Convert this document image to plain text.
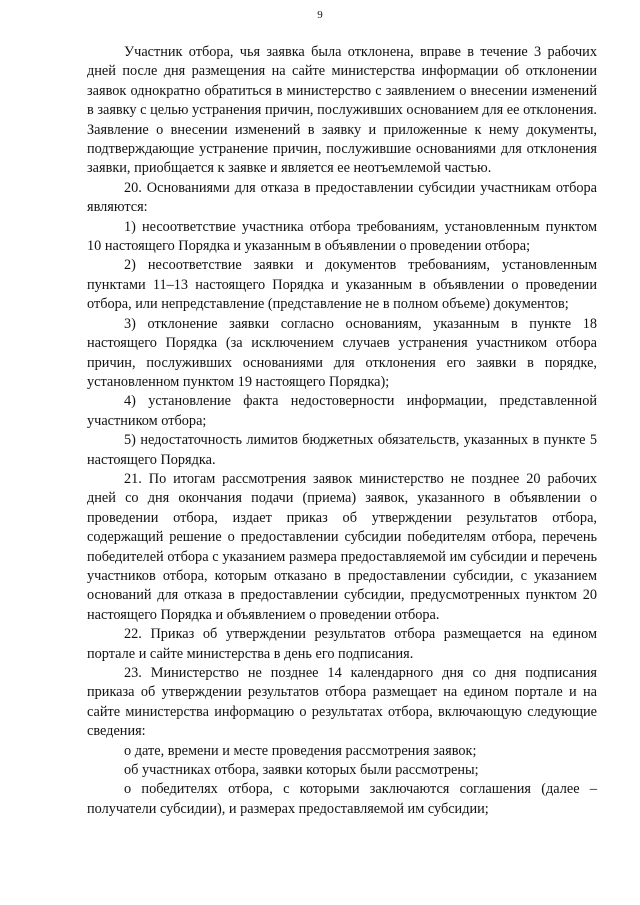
9

Участник отбора, чья заявка была отклонена, вправе в течение 3 рабочих дней после дня размещения на сайте министерства информации об отклонении заявок однократно обратиться в министерство с заявлением о внесении изменений в заявку с целью устранения причин, послуживших основанием для ее отклонения. Заявление о внесении изменений в заявку и приложенные к нему документы, подтверждающие устранение причин, послужившие основаниями для отклонения заявки, приобщается к заявке и является ее неотъемлемой частью.

20. Основаниями для отказа в предоставлении субсидии участникам отбора являются:

1) несоответствие участника отбора требованиям, установленным пунктом 10 настоящего Порядка и указанным в объявлении о проведении отбора;

2) несоответствие заявки и документов требованиям, установленным пунктами 11–13 настоящего Порядка и указанным в объявлении о проведении отбора, или непредставление (представление не в полном объеме) документов;

3) отклонение заявки согласно основаниям, указанным в пункте 18 настоящего Порядка (за исключением случаев устранения участником отбора причин, послуживших основаниями для отклонения его заявки в порядке, установленном пунктом 19 настоящего Порядка);

4) установление факта недостоверности информации, представленной участником отбора;

5) недостаточность лимитов бюджетных обязательств, указанных в пункте 5 настоящего Порядка.

21. По итогам рассмотрения заявок министерство не позднее 20 рабочих дней со дня окончания подачи (приема) заявок, указанного в объявлении о проведении отбора, издает приказ об утверждении результатов отбора, содержащий решение о предоставлении субсидии победителям отбора, перечень победителей отбора с указанием размера предоставляемой им субсидии и перечень участников отбора, которым отказано в предоставлении субсидии, с указанием оснований для отказа в предоставлении субсидии, предусмотренных пунктом 20 настоящего Порядка и объявлением о проведении отбора.

22. Приказ об утверждении результатов отбора размещается на едином портале и сайте министерства в день его подписания.

23. Министерство не позднее 14 календарного дня со дня подписания приказа об утверждении результатов отбора размещает на едином портале и на сайте министерства информацию о результатах отбора, включающую следующие сведения:

о дате, времени и месте проведения рассмотрения заявок;

об участниках отбора, заявки которых были рассмотрены;

о победителях отбора, с которыми заключаются соглашения (далее – получатели субсидии), и размерах предоставляемой им субсидии;
